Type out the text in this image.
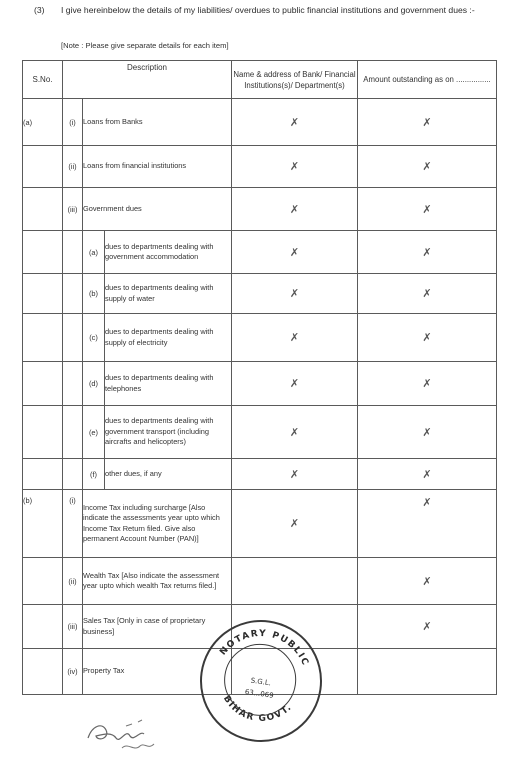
(3) I give hereinbelow the details of my liabilities/ overdues to public financial institutions and government dues :-
[Note : Please give separate details for each item]
S.No.	Description			Name & address of Bank/ Financial Institutions(s)/ Department(s)	Amount outstanding as on ................
(a)	(i)	Loans from Banks		✗	✗
	(ii)	Loans from financial institutions		✗	✗
	(iii)	Government dues		✗	✗
		(a)	dues to departments dealing with government accommodation	✗	✗
		(b)	dues to departments dealing with supply of water	✗	✗
		(c)	dues to departments dealing with supply of electricity	✗	✗
		(d)	dues to departments dealing with telephones	✗	✗
		(e)	dues to departments dealing with government transport (including aircrafts and helicopters)	✗	✗
		(f)	other dues, if any	✗	✗
(b)	(i)	Income Tax including surcharge [Also indicate the assessments year upto which Income Tax Return filed. Give also permanent Account Number (PAN)]		✗	✗
	(ii)	Wealth Tax [Also indicate the assessment year upto which wealth Tax returns filed.]			✗
	(iii)	Sales Tax [Only in case of proprietary business]			✗
	(iv)	Property Tax			
NOTARY PUBLIC
BIHAR GOVT.
S.G.L.
63...069
